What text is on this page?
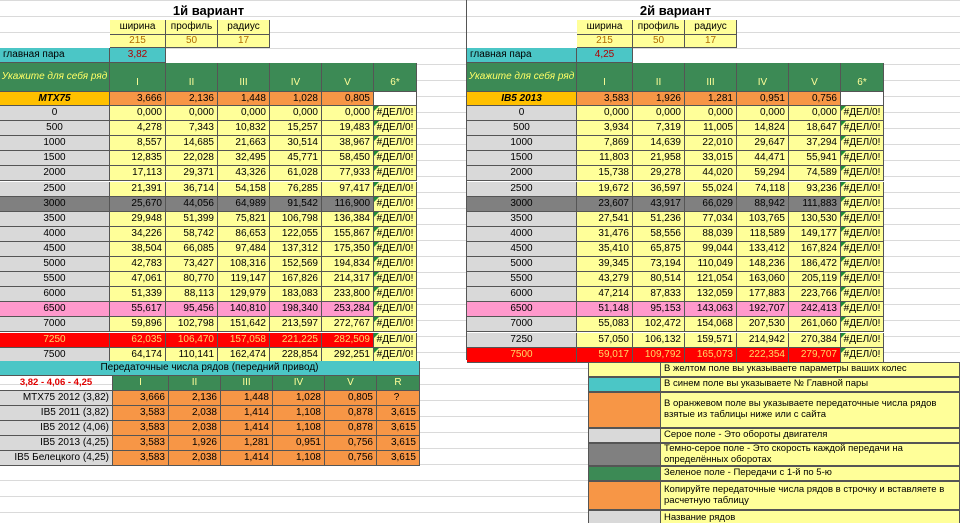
1й вариант
ширина
215
профиль
50
радиус
17
главная пара	3,82
Укажите для себя ряд
I	II	III	IV	V	6*
MTX75	3,666	2,136	1,448	1,028	0,805
0	0,000	0,000	0,000	0,000	0,000 #ДЕЛ/0!
500	4,278	7,343	10,832	15,257	19,483 #ДЕЛ/0!
1000	8,557	14,685	21,663	30,514	38,967 #ДЕЛ/0!
1500	12,835	22,028	32,495	45,771	58,450 #ДЕЛ/0!
2000	17,113	29,371	43,326	61,028	77,933 #ДЕЛ/0!
2500	21,391	36,714	54,158	76,285	97,417 #ДЕЛ/0!
3000	25,670	44,056	64,989	91,542	116,900 #ДЕЛ/0!
3500	29,948	51,399	75,821	106,798	136,384 #ДЕЛ/0!
4000	34,226	58,742	86,653	122,055	155,867 #ДЕЛ/0!
4500	38,504	66,085	97,484	137,312	175,350 #ДЕЛ/0!
5000	42,783	73,427	108,316	152,569	194,834 #ДЕЛ/0!
5500	47,061	80,770	119,147	167,826	214,317 #ДЕЛ/0!
6000	51,339	88,113	129,979	183,083	233,800 #ДЕЛ/0!
6500	55,617	95,456	140,810	198,340	253,284 #ДЕЛ/0!
7000	59,896	102,798	151,642	213,597	272,767 #ДЕЛ/0!
7250	62,035	106,470	157,058	221,225	282,509 #ДЕЛ/0!
7500	64,174	110,141	162,474	228,854	292,251 #ДЕЛ/0!
2й вариант
ширина
215
профиль
50
радиус
17
главная пара	4,25
Укажите для себя ряд
I	II	III	IV	V	6*
IB5 2013	3,583	1,926	1,281	0,951	0,756
0	0,000	0,000	0,000	0,000	0,000 #ДЕЛ/0!
500	3,934	7,319	11,005	14,824	18,647 #ДЕЛ/0!
1000	7,869	14,639	22,010	29,647	37,294 #ДЕЛ/0!
1500	11,803	21,958	33,015	44,471	55,941 #ДЕЛ/0!
2000	15,738	29,278	44,020	59,294	74,589 #ДЕЛ/0!
2500	19,672	36,597	55,024	74,118	93,236 #ДЕЛ/0!
3000	23,607	43,917	66,029	88,942	111,883 #ДЕЛ/0!
3500	27,541	51,236	77,034	103,765	130,530 #ДЕЛ/0!
4000	31,476	58,556	88,039	118,589	149,177 #ДЕЛ/0!
4500	35,410	65,875	99,044	133,412	167,824 #ДЕЛ/0!
5000	39,345	73,194	110,049	148,236	186,472 #ДЕЛ/0!
5500	43,279	80,514	121,054	163,060	205,119 #ДЕЛ/0!
6000	47,214	87,833	132,059	177,883	223,766 #ДЕЛ/0!
6500	51,148	95,153	143,063	192,707	242,413 #ДЕЛ/0!
7000	55,083	102,472	154,068	207,530	261,060 #ДЕЛ/0!
7250	57,050	106,132	159,571	214,942	270,384 #ДЕЛ/0!
7500	59,017	109,792	165,073	222,354	279,707 #ДЕЛ/0!
Передаточные числа рядов (передний привод)
3,82 - 4,06 - 4,25	I	II	III	IV	V	R
MTX75 2012 (3,82)	3,666	2,136	1,448	1,028	0,805	?
IB5 2011 (3,82)	3,583	2,038	1,414	1,108	0,878	3,615
IB5 2012 (4,06)	3,583	2,038	1,414	1,108	0,878	3,615
IB5 2013 (4,25)	3,583	1,926	1,281	0,951	0,756	3,615
IB5 Белецкого (4,25)	3,583	2,038	1,414	1,108	0,756	3,615
В желтом поле вы указываете параметры ваших колес
В синем поле вы указываете № Главной пары
В оранжевом поле вы указываете передаточные числа рядов взятые из таблицы ниже или с сайта
Серое поле - Это обороты двигателя
Темно-серое поле - Это скорость каждой передачи на определённых оборотах
Зеленое поле - Передачи с 1-й по 5-ю
Копируйте передаточные числа рядов в строчку и вставляете в расчетную таблицу
Название рядов
